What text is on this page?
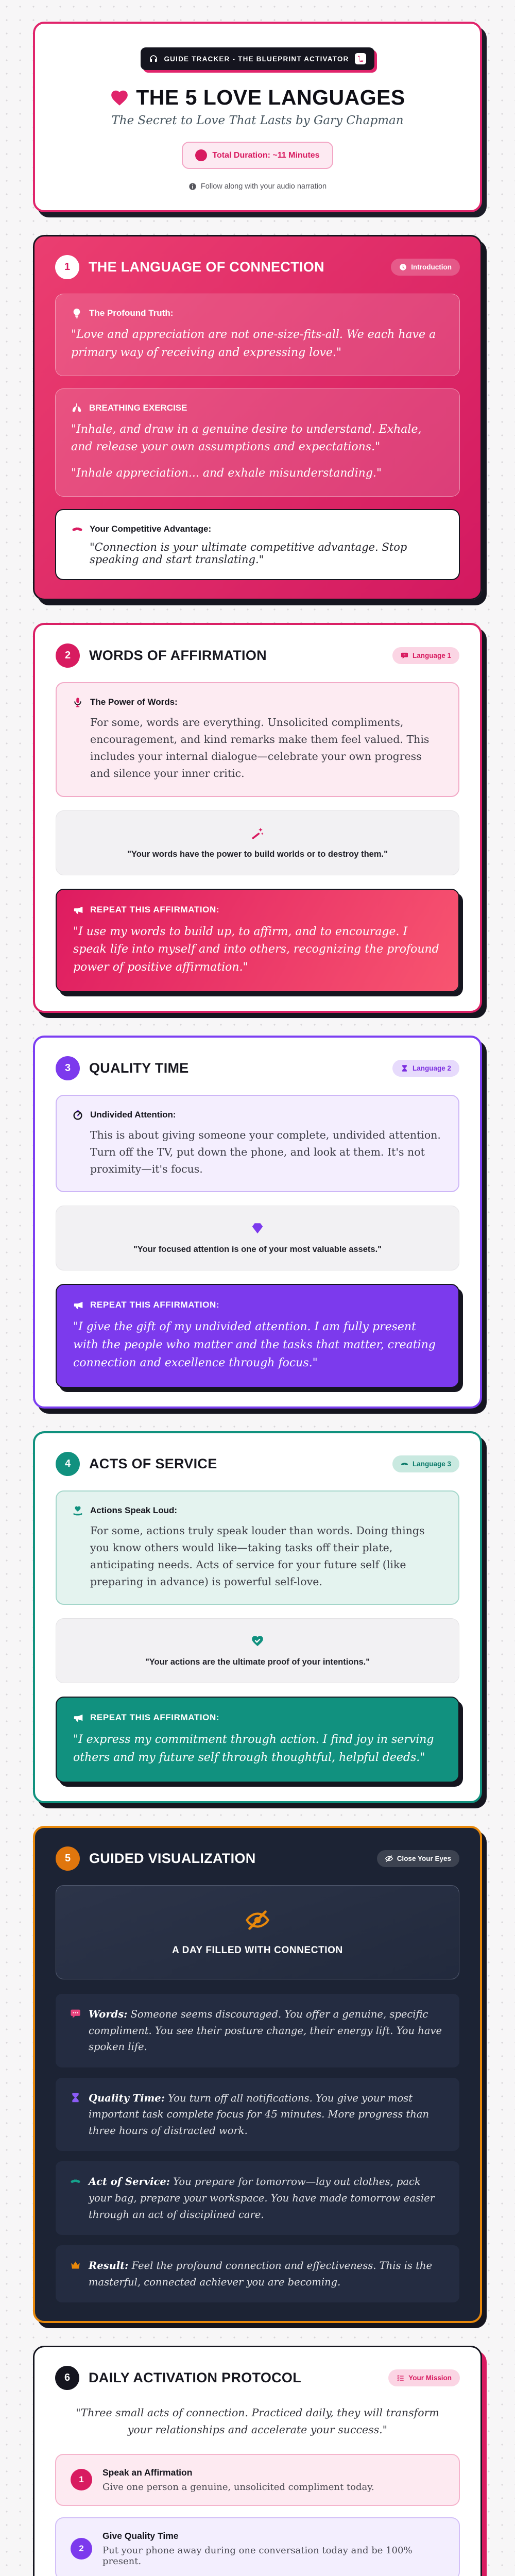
GUIDE TRACKER - THE BLUEPRINT ACTIVATOR
THE 5 LOVE LANGUAGES

The Secret to Love That Lasts by Gary Chapman

Total Duration: ~11 Minutes

Follow along with your audio narration

1	THE LANGUAGE OF CONNECTION	Introduction

The Profound Truth:

"Love and appreciation are not one-size-fits-all. We each have a primary way of receiving and expressing love."

BREATHING EXERCISE

"Inhale, and draw in a genuine desire to understand. Exhale, and release your own assumptions and expectations."

"Inhale appreciation... and exhale misunderstanding."

Your Competitive Advantage:

"Connection is your ultimate competitive advantage. Stop speaking and start translating."

2	WORDS OF AFFIRMATION	Language 1

The Power of Words:

For some, words are everything. Unsolicited compliments, encouragement, and kind remarks make them feel valued. This includes your internal dialogue—celebrate your own progress and silence your inner critic.

"Your words have the power to build worlds or to destroy them."

REPEAT THIS AFFIRMATION:

"I use my words to build up, to affirm, and to encourage. I speak life into myself and into others, recognizing the profound power of positive affirmation."

3	QUALITY TIME	Language 2

Undivided Attention:

This is about giving someone your complete, undivided attention. Turn off the TV, put down the phone, and look at them. It's not proximity—it's focus.

"Your focused attention is one of your most valuable assets."

REPEAT THIS AFFIRMATION:

"I give the gift of my undivided attention. I am fully present with the people who matter and the tasks that matter, creating connection and excellence through focus."

4	ACTS OF SERVICE	Language 3

Actions Speak Loud:

For some, actions truly speak louder than words. Doing things you know others would like—taking tasks off their plate, anticipating needs. Acts of service for your future self (like preparing in advance) is powerful self-love.

"Your actions are the ultimate proof of your intentions."

REPEAT THIS AFFIRMATION:

"I express my commitment through action. I find joy in serving others and my future self through thoughtful, helpful deeds."

5	GUIDED VISUALIZATION	Close Your Eyes

A DAY FILLED WITH CONNECTION

Words: Someone seems discouraged. You offer a genuine, specific compliment. You see their posture change, their energy lift. You have spoken life.

Quality Time: You turn off all notifications. You give your most important task complete focus for 45 minutes. More progress than three hours of distracted work.

Act of Service: You prepare for tomorrow—lay out clothes, pack your bag, prepare your workspace. You have made tomorrow easier through an act of disciplined care.

Result: Feel the profound connection and effectiveness. This is the masterful, connected achiever you are becoming.

6	DAILY ACTIVATION PROTOCOL	Your Mission

"Three small acts of connection. Practiced daily, they will transform your relationships and accelerate your success."

1

Speak an Affirmation

Give one person a genuine, unsolicited compliment today.

2

Give Quality Time

Put your phone away during one conversation today and be 100% present.
